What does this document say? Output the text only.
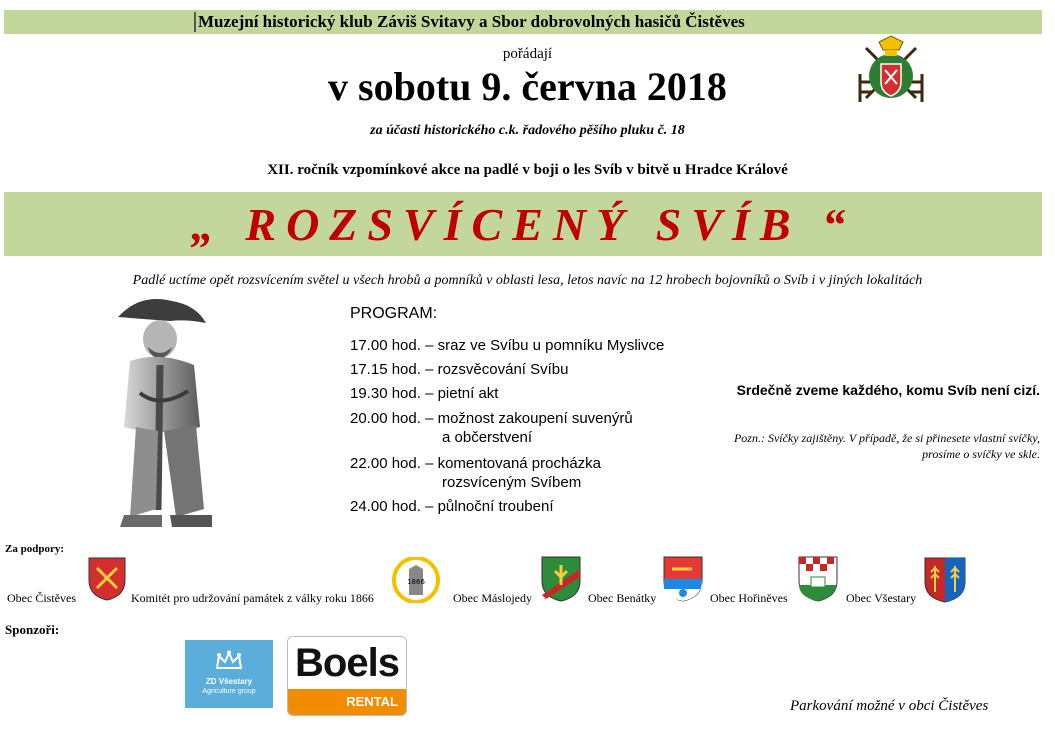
Muzejní historický klub Záviš Svitavy a Sbor dobrovolných hasičů Čistěves
pořádají
v sobotu 9. června 2018
za účasti historického c.k. řadového pěšího pluku č. 18
XII. ročník vzpomínkové akce na padlé v boji o les Svíb v bitvě u Hradce Králové
„ ROZSVÍCENÝ SVÍB “
Padlé uctíme opět rozsvícením světel u všech hrobů a pomníků v oblasti lesa, letos navíc na 12 hrobech bojovníků o Svíb i v jiných lokalitách
PROGRAM:
17.00 hod. – sraz ve Svíbu u pomníku Myslivce
17.15 hod. – rozsvěcování Svíbu
19.30 hod. – pietní akt
20.00 hod. – možnost zakoupení suvenýrů
a občerstvení
22.00 hod. – komentovaná procházka
rozsvíceným Svíbem
24.00 hod. – půlnoční troubení
Srdečně zveme každého, komu Svíb není cizí.
Pozn.: Svíčky zajištěny. V případě, že si přinesete vlastní svíčky,
prosíme o svíčky ve skle.
Za podpory:
Obec Čistěves	Komitét pro udržování památek z války roku 1866
1866
Obec Máslojedy	Obec Benátky	Obec Hořiněves	Obec Všestary
Sponzoři:
ZD Všestary
Agriculture group
Boels
RENTAL	Parkování možné v obci Čistěves
